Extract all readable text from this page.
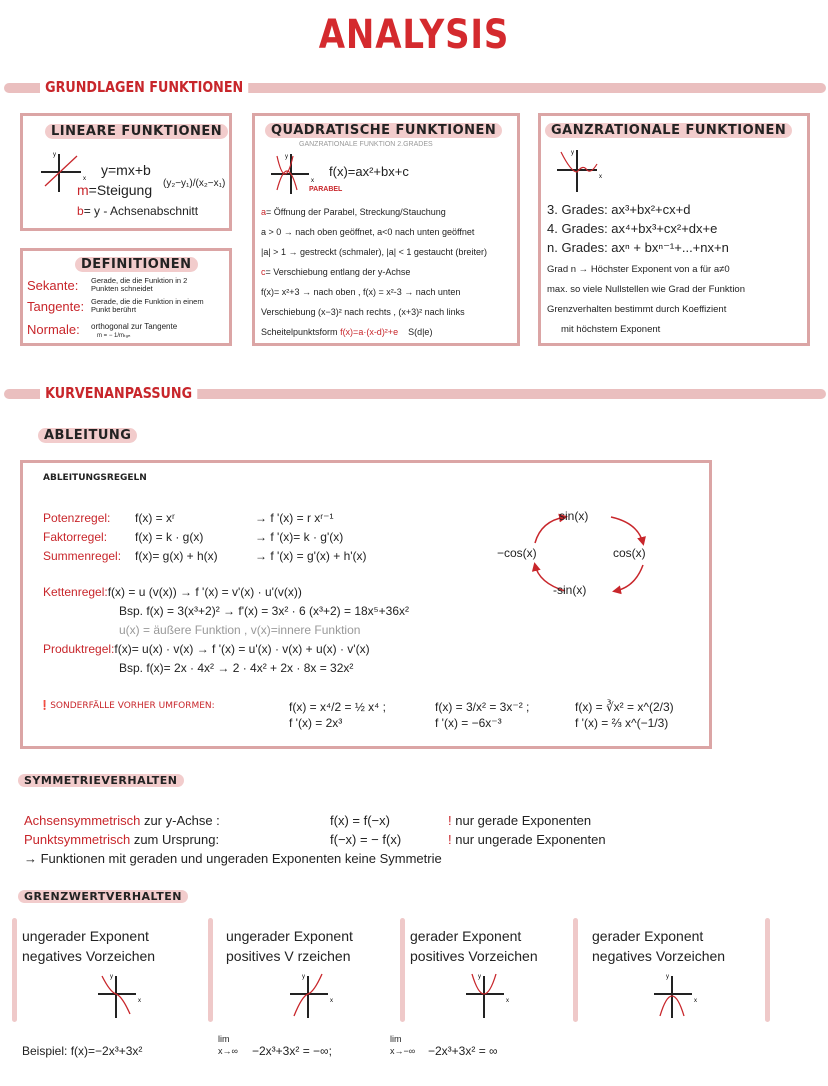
ANALYSIS
GRUNDLAGEN FUNKTIONEN
LINEARE FUNKTIONEN
x
y
y=mx+b
m=Steigung (y₂−y₁)/(x₂−x₁)
b= y - Achsenabschnitt
DEFINITIONEN
Sekante: Gerade, die die Funktion in 2 Punkten schneidet
Tangente: Gerade, die die Funktion in einem Punkt berührt
Normale: orthogonal zur Tangente
m = − 1/mₜₐₙ
QUADRATISCHE FUNKTIONEN
GANZRATIONALE FUNKTION 2.GRADES
x
y
f(x)=ax²+bx+c
PARABEL
a= Öffnung der Parabel, Streckung/Stauchung
a > 0 → nach oben geöffnet, a<0 nach unten geöffnet
|a| > 1 → gestreckt (schmaler), |a| < 1 gestaucht (breiter)
c= Verschiebung entlang der y-Achse
f(x)= x²+3 → nach oben , f(x) = x²-3 → nach unten
Verschiebung (x−3)² nach rechts , (x+3)² nach links
Scheitelpunktsform f(x)=a·(x-d)²+e S(d|e)
GANZRATIONALE FUNKTIONEN
x
y
3. Grades: ax³+bx²+cx+d
4. Grades: ax⁴+bx³+cx²+dx+e
n. Grades: axⁿ + bxⁿ⁻¹+...+nx+n
Grad n → Höchster Exponent von a für a≠0
max. so viele Nullstellen wie Grad der Funktion
Grenzverhalten bestimmt durch Koeffizient
mit höchstem Exponent
KURVENANPASSUNG
ABLEITUNG
ABLEITUNGSREGELN
Potenzregel: f(x) = xʳ	→ f '(x) = r xʳ⁻¹
Faktorregel: f(x) = k · g(x)	→ f '(x)= k · g'(x)
Summenregel: f(x)= g(x) + h(x)	→ f '(x) = g'(x) + h'(x)
Kettenregel:f(x) = u (v(x)) → f '(x) = v'(x) · u'(v(x))
Bsp. f(x) = 3(x³+2)² → f'(x) = 3x² · 6 (x³+2) = 18x⁵+36x²
u(x) = äußere Funktion , v(x)=innere Funktion
Produktregel:f(x)= u(x) · v(x) → f '(x) = u'(x) · v(x) + u(x) · v'(x)
Bsp. f(x)= 2x · 4x² → 2 · 4x² + 2x · 8x = 32x²
❗SONDERFÄLLE VORHER UMFORMEN:	f(x) = x⁴/2 = ½ x⁴ ;
f '(x) = 2x³
f(x) = 3/x² = 3x⁻² ;
f '(x) = −6x⁻³
f(x) = ∛x² = x^(2/3)
f '(x) = ⅔ x^(−1/3)
sin(x)
cos(x)
-sin(x)
−cos(x)
SYMMETRIEVERHALTEN
Achsensymmetrisch zur y-Achse :	f(x) = f(−x)	! nur gerade Exponenten
Punktsymmetrisch zum Ursprung:	f(−x) = − f(x)	! nur ungerade Exponenten
→ Funktionen mit geraden und ungeraden Exponenten keine Symmetrie
GRENZWERTVERHALTEN
ungerader Exponent
negatives Vorzeichen
ungerader Exponent
positives V rzeichen
gerader Exponent
positives Vorzeichen
gerader Exponent
negatives Vorzeichen
x
y
x
y
x
y
x
y
Beispiel: f(x)=−2x³+3x²
lim
x→∞ −2x³+3x² = −∞;
lim
x→−∞ −2x³+3x² = ∞
